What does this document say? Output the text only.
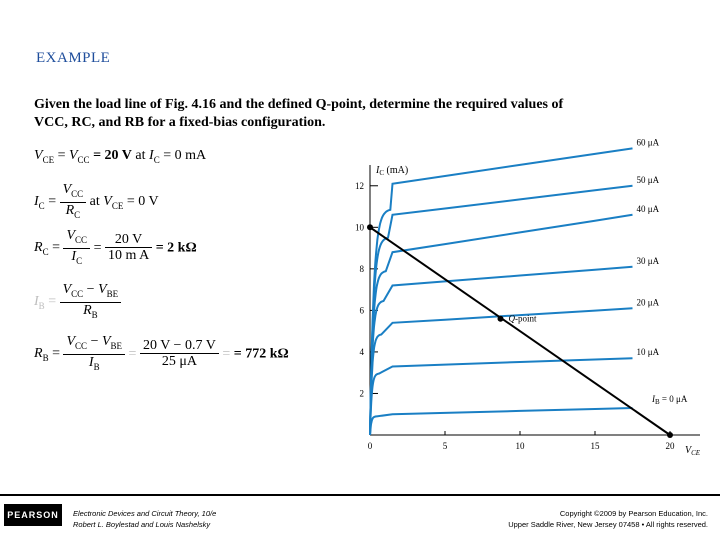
EXAMPLE
Given the load line of Fig. 4.16 and the defined Q-point, determine the required values of VCC, RC, and RB for a fixed-bias configuration.
$V_{CE} = V_{CC} = 20$ V at $I_C = 0$ mA
$I_C = \frac{V_{CC}}{R_C}$ at $V_{CE} = 0$ V
$R_C = \frac{V_{CC}}{I_C} = \frac{20 V}{\text{10 m A}} = 2$ kΩ
$I_B = \frac{V_{CC} - V_{BE}}{R_B}$
$R_B = \frac{V_{CC} - V_{BE}}{I_B} = \frac{20 V - 0.7 V}{25 \mu A}$ = = 772 kΩ
$I_C$ (mA)
$V_{CE}$
0	5	10	15	20
2
4
6
8
10
12
$I_B = 0$ μA
10 μA
20 μA
30 μA
40 μA
50 μA
60 μA
Q-point
PEARSON	Electronic Devices and Circuit Theory, 10/e
Robert L. Boylestad and Louis Nashelsky
Copyright ©2009 by Pearson Education, Inc.
Upper Saddle River, New Jersey 07458 • All rights reserved.
